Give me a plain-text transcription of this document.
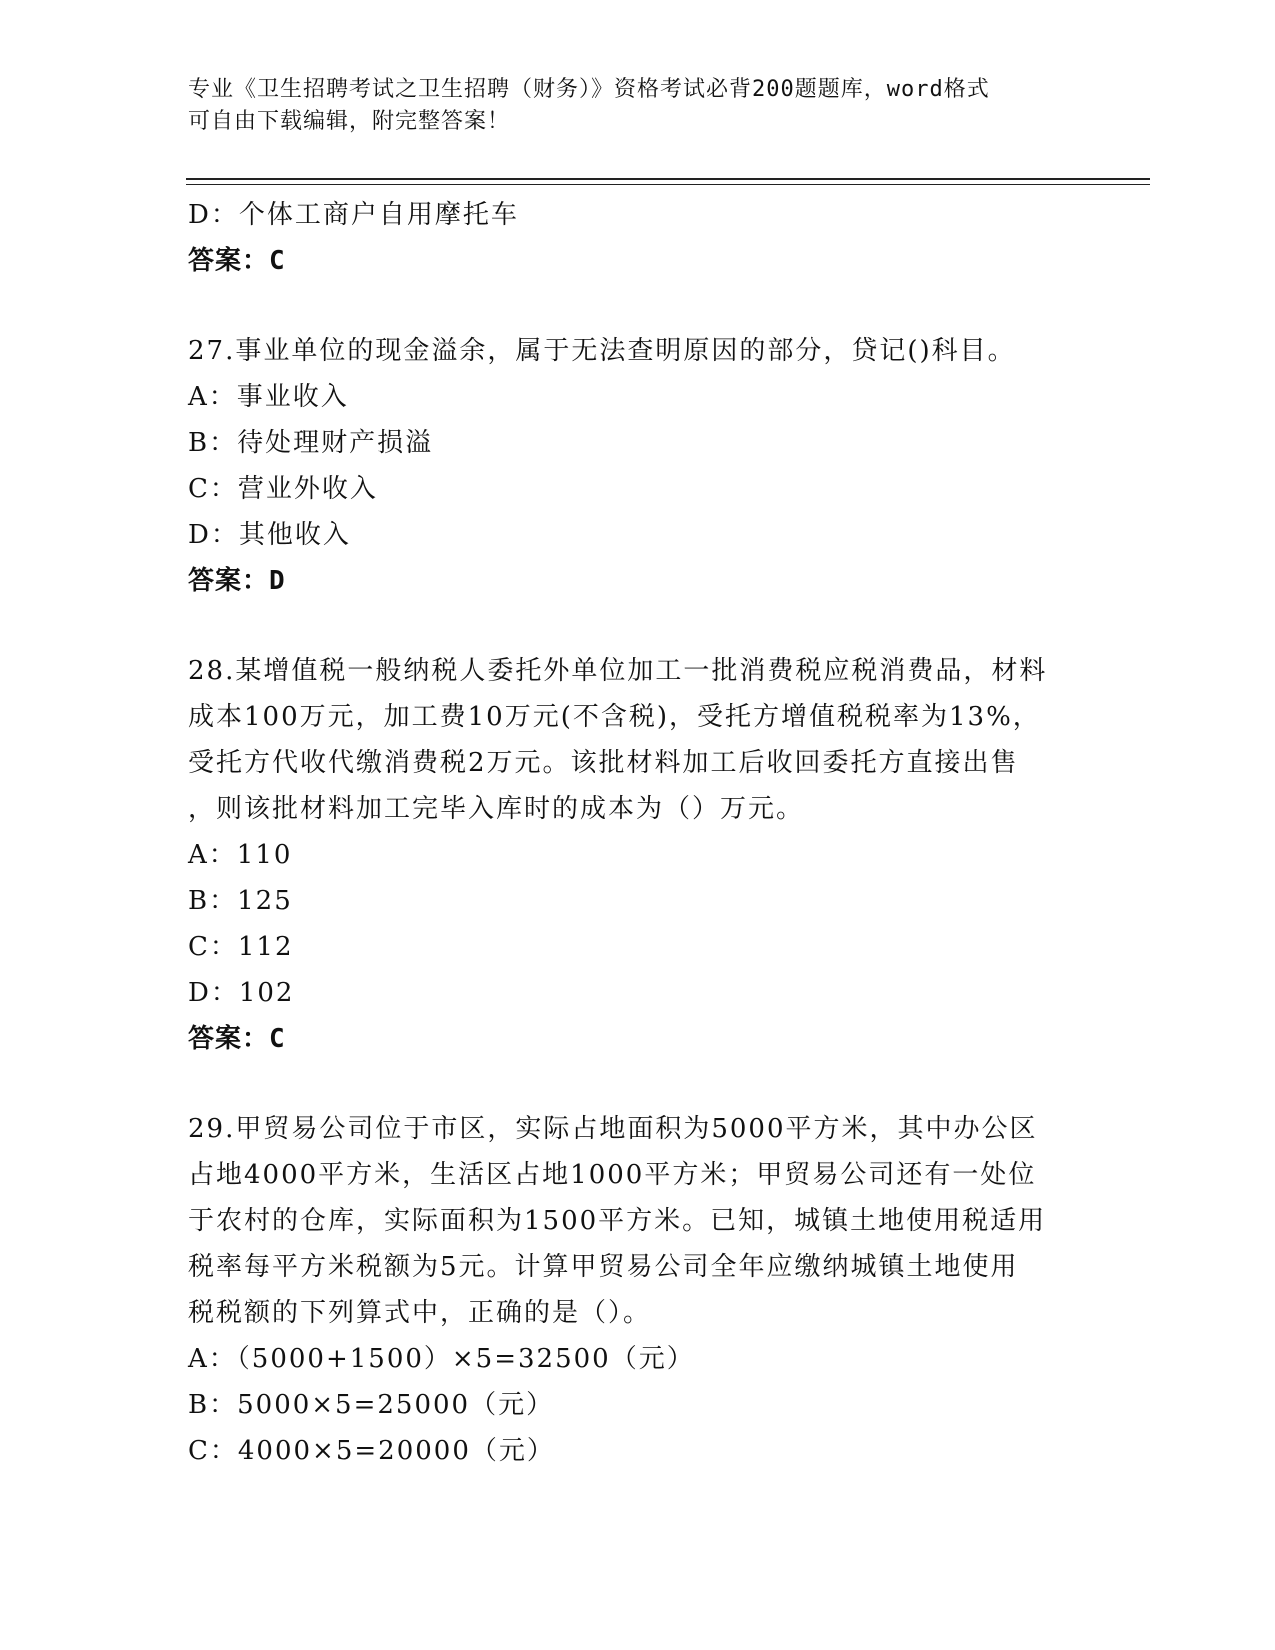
专业《卫生招聘考试之卫生招聘（财务）》资格考试必背200题题库，word格式
可自由下载编辑，附完整答案！
D：个体工商户自用摩托车
答案：C
27.事业单位的现金溢余，属于无法查明原因的部分，贷记()科目。
A：事业收入
B：待处理财产损溢
C：营业外收入
D：其他收入
答案：D
28.某增值税一般纳税人委托外单位加工一批消费税应税消费品，材料
成本100万元，加工费10万元(不含税)，受托方增值税税率为13%，
受托方代收代缴消费税2万元。该批材料加工后收回委托方直接出售
，则该批材料加工完毕入库时的成本为（）万元。
A：110
B：125
C：112
D：102
答案：C
29.甲贸易公司位于市区，实际占地面积为5000平方米，其中办公区
占地4000平方米，生活区占地1000平方米；甲贸易公司还有一处位
于农村的仓库，实际面积为1500平方米。已知，城镇土地使用税适用
税率每平方米税额为5元。计算甲贸易公司全年应缴纳城镇土地使用
税税额的下列算式中，正确的是（）。
A：（5000+1500）×5=32500（元）
B：5000×5=25000（元）
C：4000×5=20000（元）
